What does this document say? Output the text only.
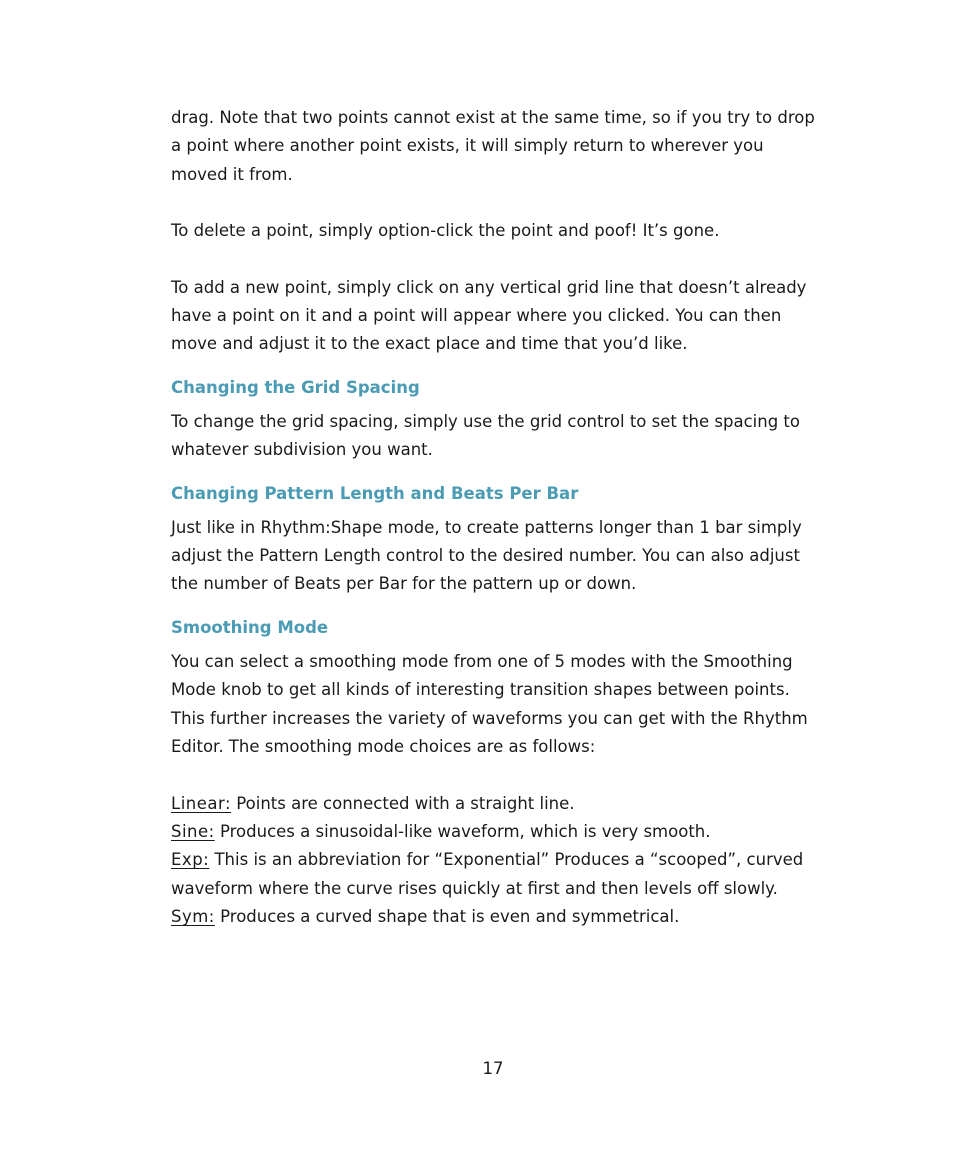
drag. Note that two points cannot exist at the same time, so if you try to drop a point where another point exists, it will simply return to wherever you moved it from.

To delete a point, simply option-click the point and poof! It’s gone.

To add a new point, simply click on any vertical grid line that doesn’t already have a point on it and a point will appear where you clicked. You can then move and adjust it to the exact place and time that you’d like.

Changing the Grid Spacing

To change the grid spacing, simply use the grid control to set the spacing to whatever subdivision you want.

Changing Pattern Length and Beats Per Bar

Just like in Rhythm:Shape mode, to create patterns longer than 1 bar simply adjust the Pattern Length control to the desired number. You can also adjust the number of Beats per Bar for the pattern up or down.

Smoothing Mode

You can select a smoothing mode from one of 5 modes with the Smoothing Mode knob to get all kinds of interesting transition shapes between points. This further increases the variety of waveforms you can get with the Rhythm Editor. The smoothing mode choices are as follows:

Linear: Points are connected with a straight line.

Sine: Produces a sinusoidal-like waveform, which is very smooth.

Exp: This is an abbreviation for “Exponential” Produces a “scooped”, curved waveform where the curve rises quickly at first and then levels off slowly.

Sym: Produces a curved shape that is even and symmetrical.

17
